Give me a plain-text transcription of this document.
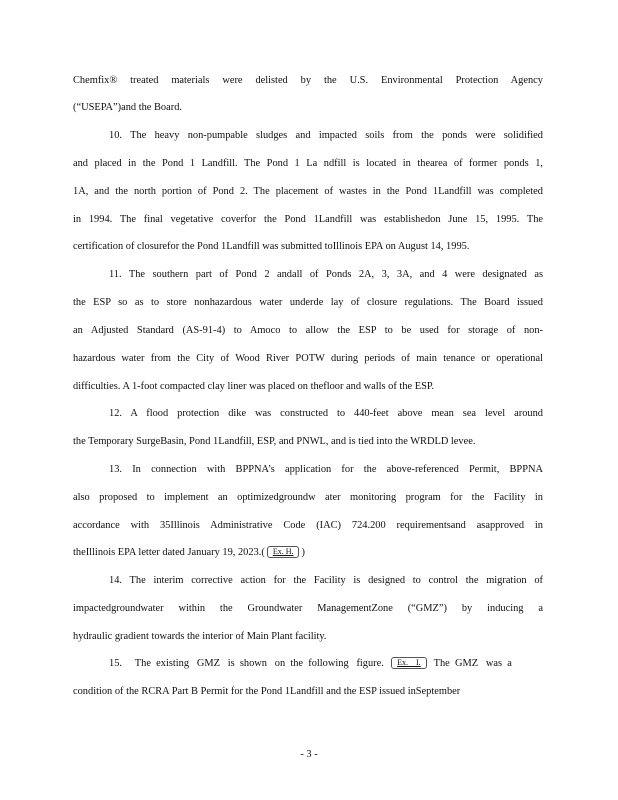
Chemfix® treated materials were delisted by the U.S. Environmental Protection Agency
(“USEPA”)and the Board.
10. The heavy non-pumpable sludges and impacted soils from the ponds were solidified
and placed in the Pond 1 Landfill. The Pond 1 La ndfill is located in thearea of former ponds 1,
1A, and the north portion of Pond 2. The placement of wastes in the Pond 1Landfill was completed
in 1994. The final vegetative coverfor the Pond 1Landfill was establishedon June 15, 1995. The
certification of closurefor the Pond 1Landfill was submitted toIllinois EPA on August 14, 1995.
11. The southern part of Pond 2 andall of Ponds 2A, 3, 3A, and 4 were designated as
the ESP so as to store nonhazardous water underde lay of closure regulations. The Board issued
an Adjusted Standard (AS-91-4) to Amoco to allow the ESP to be used for storage of non-
hazardous water from the City of Wood River POTW during periods of main tenance or operational
difficulties. A 1-foot compacted clay liner was placed on thefloor and walls of the ESP.
12. A flood protection dike was constructed to 440-feet above mean sea level around
the Temporary SurgeBasin, Pond 1Landfill, ESP, and PNWL, and is tied into the WRDLD levee.
13. In connection with BPPNA’s application for the above-referenced Permit, BPPNA
also proposed to implement an optimizedgroundw ater monitoring program for the Facility in
accordance with 35Illinois Administrative Code (IAC) 724.200 requirementsand asapproved in
theIllinois EPA letter dated January 19, 2023.( Ex. H. )
14. The interim corrective action for the Facility is designed to control the migration of
impactedgroundwater within the Groundwater ManagementZone (“GMZ”) by inducing a
hydraulic gradient towards the interior of Main Plant facility.
15.     The  existing   GMZ   is  shown   on  the  following   figure. Ex.    I.  The  GMZ   was  a
condition of the RCRA Part B Permit for the Pond 1Landfill and the ESP issued inSeptember
- 3 -
